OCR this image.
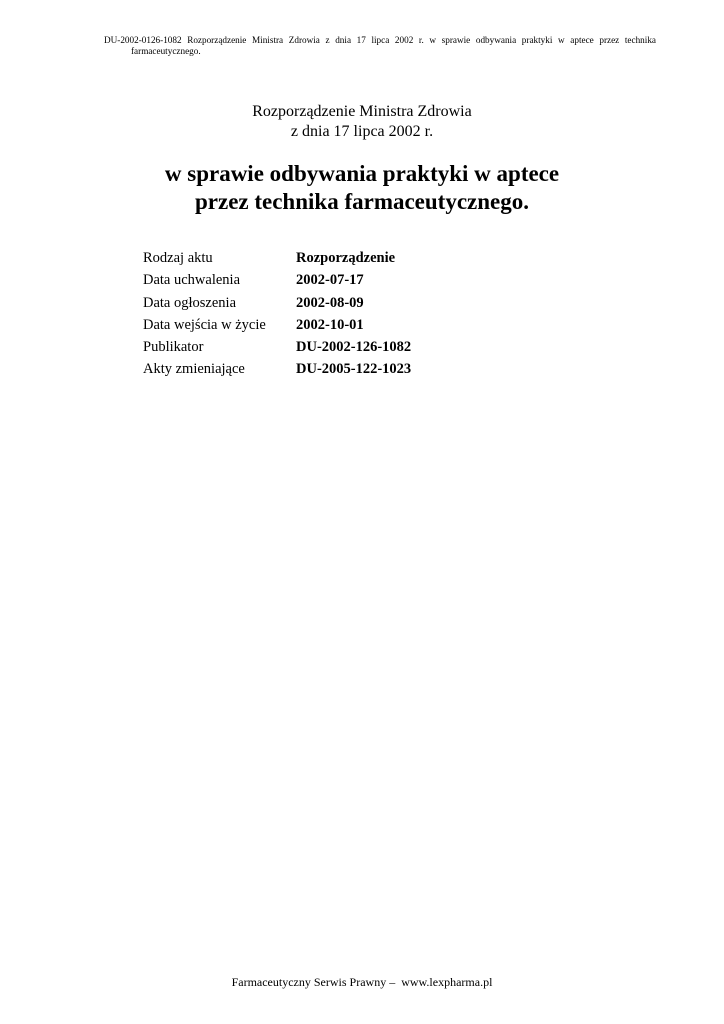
DU-2002-0126-1082 Rozporządzenie Ministra Zdrowia z dnia 17 lipca 2002 r. w sprawie odbywania praktyki w aptece przez technika
farmaceutycznego.
Rozporządzenie Ministra Zdrowia
z dnia 17 lipca 2002 r.
w sprawie odbywania praktyki w aptece
przez technika farmaceutycznego.
Rodzaj aktu	Rozporządzenie
Data uchwalenia	2002-07-17
Data ogłoszenia	2002-08-09
Data wejścia w życie	2002-10-01
Publikator	DU-2002-126-1082
Akty zmieniające	DU-2005-122-1023
Farmaceutyczny Serwis Prawny –  www.lexpharma.pl
